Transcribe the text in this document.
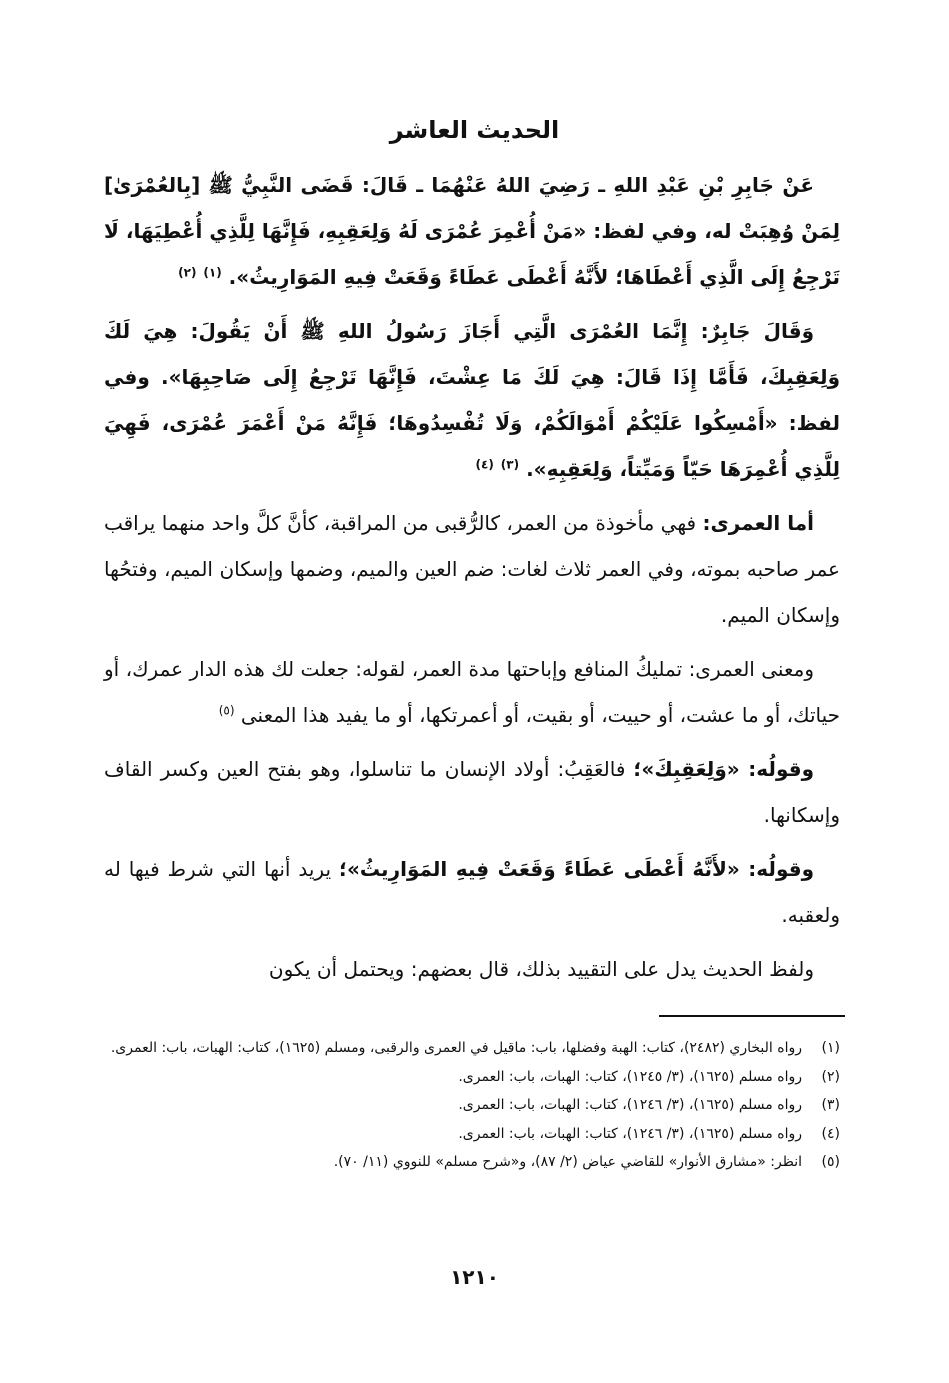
الحديث العاشر

عَنْ جَابِرِ بْنِ عَبْدِ اللهِ ـ رَضِيَ اللهُ عَنْهُمَا ـ قَالَ: قَضَى النَّبِيُّ ﷺ [بِالعُمْرَىٰ] لِمَنْ وُهِبَتْ له، وفي لفظ: «مَنْ أُعْمِرَ عُمْرَى لَهُ وَلِعَقِبِهِ، فَإِنَّهَا لِلَّذِي أُعْطِيَهَا، لَا تَرْجِعُ إِلَى الَّذِي أَعْطَاهَا؛ لأَنَّهُ أَعْطَى عَطَاءً وَقَعَتْ فِيهِ المَوَارِيثُ». $^{(١)}$ $^{(٢)}$

وَقَالَ جَابِرٌ: إِنَّمَا العُمْرَى الَّتِي أَجَازَ رَسُولُ اللهِ ﷺ أَنْ يَقُولَ: هِيَ لَكَ وَلِعَقِبِكَ، فَأَمَّا إِذَا قَالَ: هِيَ لَكَ مَا عِشْتَ، فَإِنَّهَا تَرْجِعُ إِلَى صَاحِبِهَا». وفي لفظ: «أَمْسِكُوا عَلَيْكُمْ أَمْوَالَكُمْ، وَلَا تُفْسِدُوهَا؛ فَإِنَّهُ مَنْ أَعْمَرَ عُمْرَى، فَهِيَ لِلَّذِي أُعْمِرَهَا حَيّاً وَمَيِّتاً، وَلِعَقِبِهِ». $^{(٣)}$ $^{(٤)}$

أما العمرى: فهي مأخوذة من العمر، كالرُّقبى من المراقبة، كأنَّ كلَّ واحد منهما يراقب عمر صاحبه بموته، وفي العمر ثلاث لغات: ضم العين والميم، وضمها وإسكان الميم، وفتحُها وإسكان الميم.

ومعنى العمرى: تمليكُ المنافع وإباحتها مدة العمر، لقوله: جعلت لك هذه الدار عمرك، أو حياتك، أو ما عشت، أو حييت، أو بقيت، أو أعمرتكها، أو ما يفيد هذا المعنى $^{(٥)}$

وقولُه: «وَلِعَقِبِكَ»؛ فالعَقِبُ: أولاد الإنسان ما تناسلوا، وهو بفتح العين وكسر القاف وإسكانها.

وقولُه: «لأَنَّهُ أَعْطَى عَطَاءً وَقَعَتْ فِيهِ المَوَارِيثُ»؛ يريد أنها التي شرط فيها له ولعقبه.

ولفظ الحديث يدل على التقييد بذلك، قال بعضهم: ويحتمل أن يكون

(١)
رواه البخاري (٢٤٨٢)، كتاب: الهبة وفضلها، باب: ماقيل في العمرى والرقبى، ومسلم (١٦٢٥)، كتاب: الهبات، باب: العمرى.
(٢)
رواه مسلم (١٦٢٥)، (٣/ ١٢٤٥)، كتاب: الهبات، باب: العمرى.
(٣)
رواه مسلم (١٦٢٥)، (٣/ ١٢٤٦)، كتاب: الهبات، باب: العمرى.
(٤)
رواه مسلم (١٦٢٥)، (٣/ ١٢٤٦)، كتاب: الهبات، باب: العمرى.
(٥)
انظر: «مشارق الأنوار» للقاضي عياض (٢/ ٨٧)، و«شرح مسلم» للنووي (١١/ ٧٠).
١٢١٠
